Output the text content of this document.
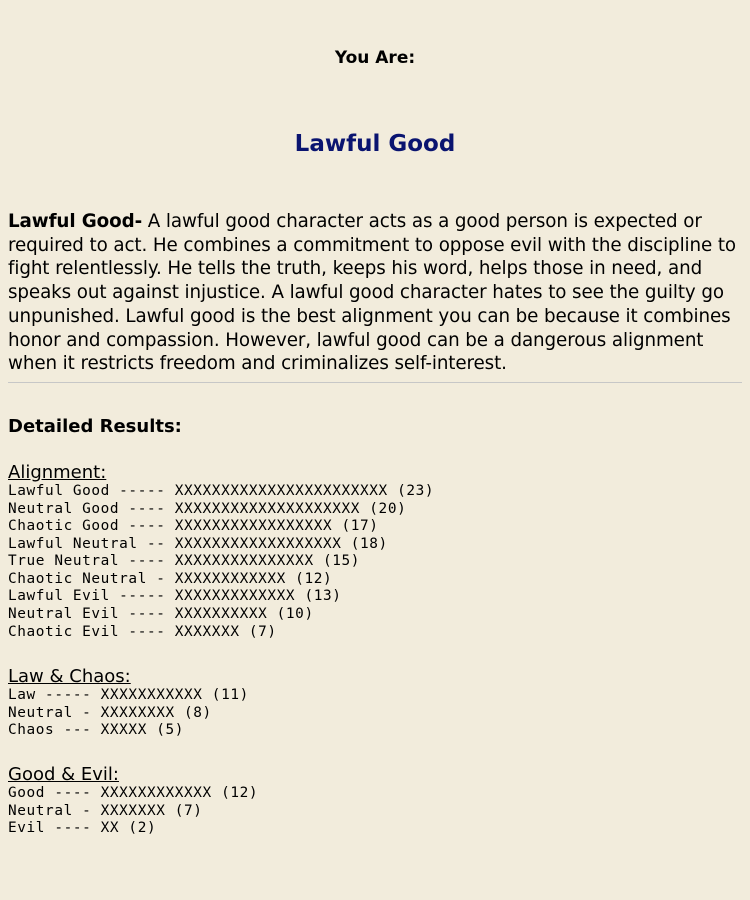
You Are:

Lawful Good

Lawful Good- A lawful good character acts as a good person is expected or required to act. He combines a commitment to oppose evil with the discipline to fight relentlessly. He tells the truth, keeps his word, helps those in need, and speaks out against injustice. A lawful good character hates to see the guilty go unpunished. Lawful good is the best alignment you can be because it combines honor and compassion. However, lawful good can be a dangerous alignment when it restricts freedom and criminalizes self-interest.

Detailed Results:

Alignment:

Lawful Good ----- XXXXXXXXXXXXXXXXXXXXXXX (23)
Neutral Good ---- XXXXXXXXXXXXXXXXXXXX (20)
Chaotic Good ---- XXXXXXXXXXXXXXXXX (17)
Lawful Neutral -- XXXXXXXXXXXXXXXXXX (18)
True Neutral ---- XXXXXXXXXXXXXXX (15)
Chaotic Neutral - XXXXXXXXXXXX (12)
Lawful Evil ----- XXXXXXXXXXXXX (13)
Neutral Evil ---- XXXXXXXXXX (10)
Chaotic Evil ---- XXXXXXX (7)

Law & Chaos:

Law ----- XXXXXXXXXXX (11)
Neutral - XXXXXXXX (8)
Chaos --- XXXXX (5)

Good & Evil:

Good ---- XXXXXXXXXXXX (12)
Neutral - XXXXXXX (7)
Evil ---- XX (2)
